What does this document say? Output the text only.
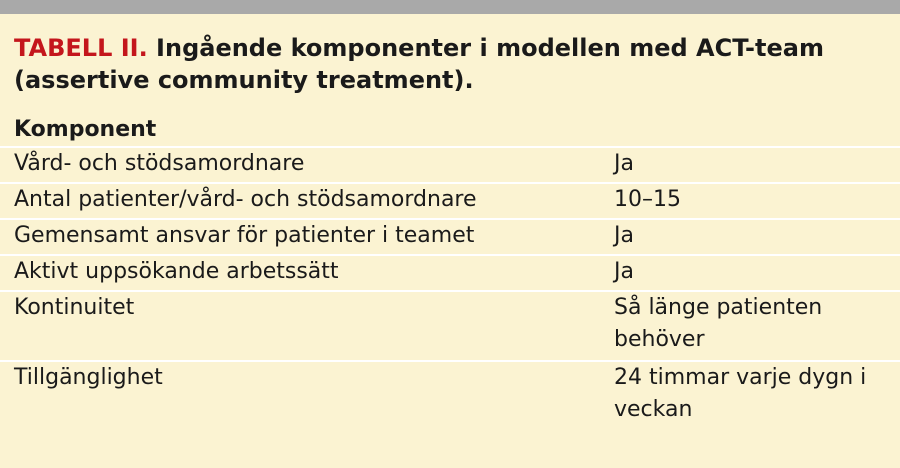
TABELL II. Ingående komponenter i modellen med ACT-team (assertive community treatment).
Komponent
Vård- och stödsamordnare	Ja
Antal patienter/vård- och stödsamordnare	10–15
Gemensamt ansvar för patienter i teamet	Ja
Aktivt uppsökande arbetssätt	Ja
Kontinuitet	Så länge patienten behöver
Tillgänglighet	24 timmar varje dygn i veckan
